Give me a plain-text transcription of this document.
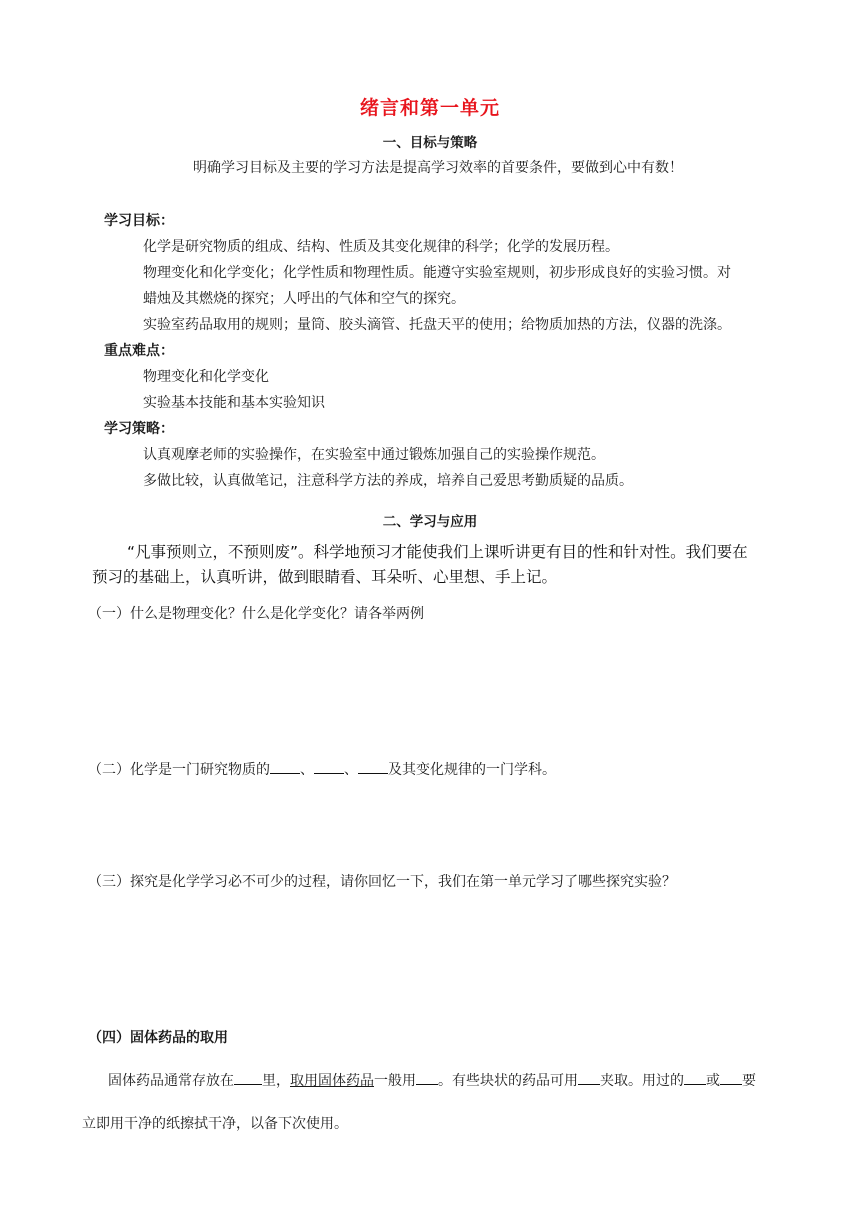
绪言和第一单元
一、目标与策略
明确学习目标及主要的学习方法是提高学习效率的首要条件，要做到心中有数！
学习目标：
化学是研究物质的组成、结构、性质及其变化规律的科学；化学的发展历程。
物理变化和化学变化；化学性质和物理性质。能遵守实验室规则，初步形成良好的实验习惯。对
蜡烛及其燃烧的探究；人呼出的气体和空气的探究。
实验室药品取用的规则；量筒、胶头滴管、托盘天平的使用；给物质加热的方法，仪器的洗涤。
重点难点：
物理变化和化学变化
实验基本技能和基本实验知识
学习策略：
认真观摩老师的实验操作，在实验室中通过锻炼加强自己的实验操作规范。
多做比较，认真做笔记，注意科学方法的养成，培养自己爱思考勤质疑的品质。
二、学习与应用
“凡事预则立，不预则废”。科学地预习才能使我们上课听讲更有目的性和针对性。我们要在
预习的基础上，认真听讲，做到眼睛看、耳朵听、心里想、手上记。
（一）什么是物理变化？什么是化学变化？请各举两例
（二）化学是一门研究物质的 、 、 及其变化规律的一门学科。
（三）探究是化学学习必不可少的过程，请你回忆一下，我们在第一单元学习了哪些探究实验？
（四）固体药品的取用
固体药品通常存放在 里，取用固体药品一般用 。有些块状的药品可用 夹取。用过的 或 要
立即用干净的纸擦拭干净，以备下次使用。
